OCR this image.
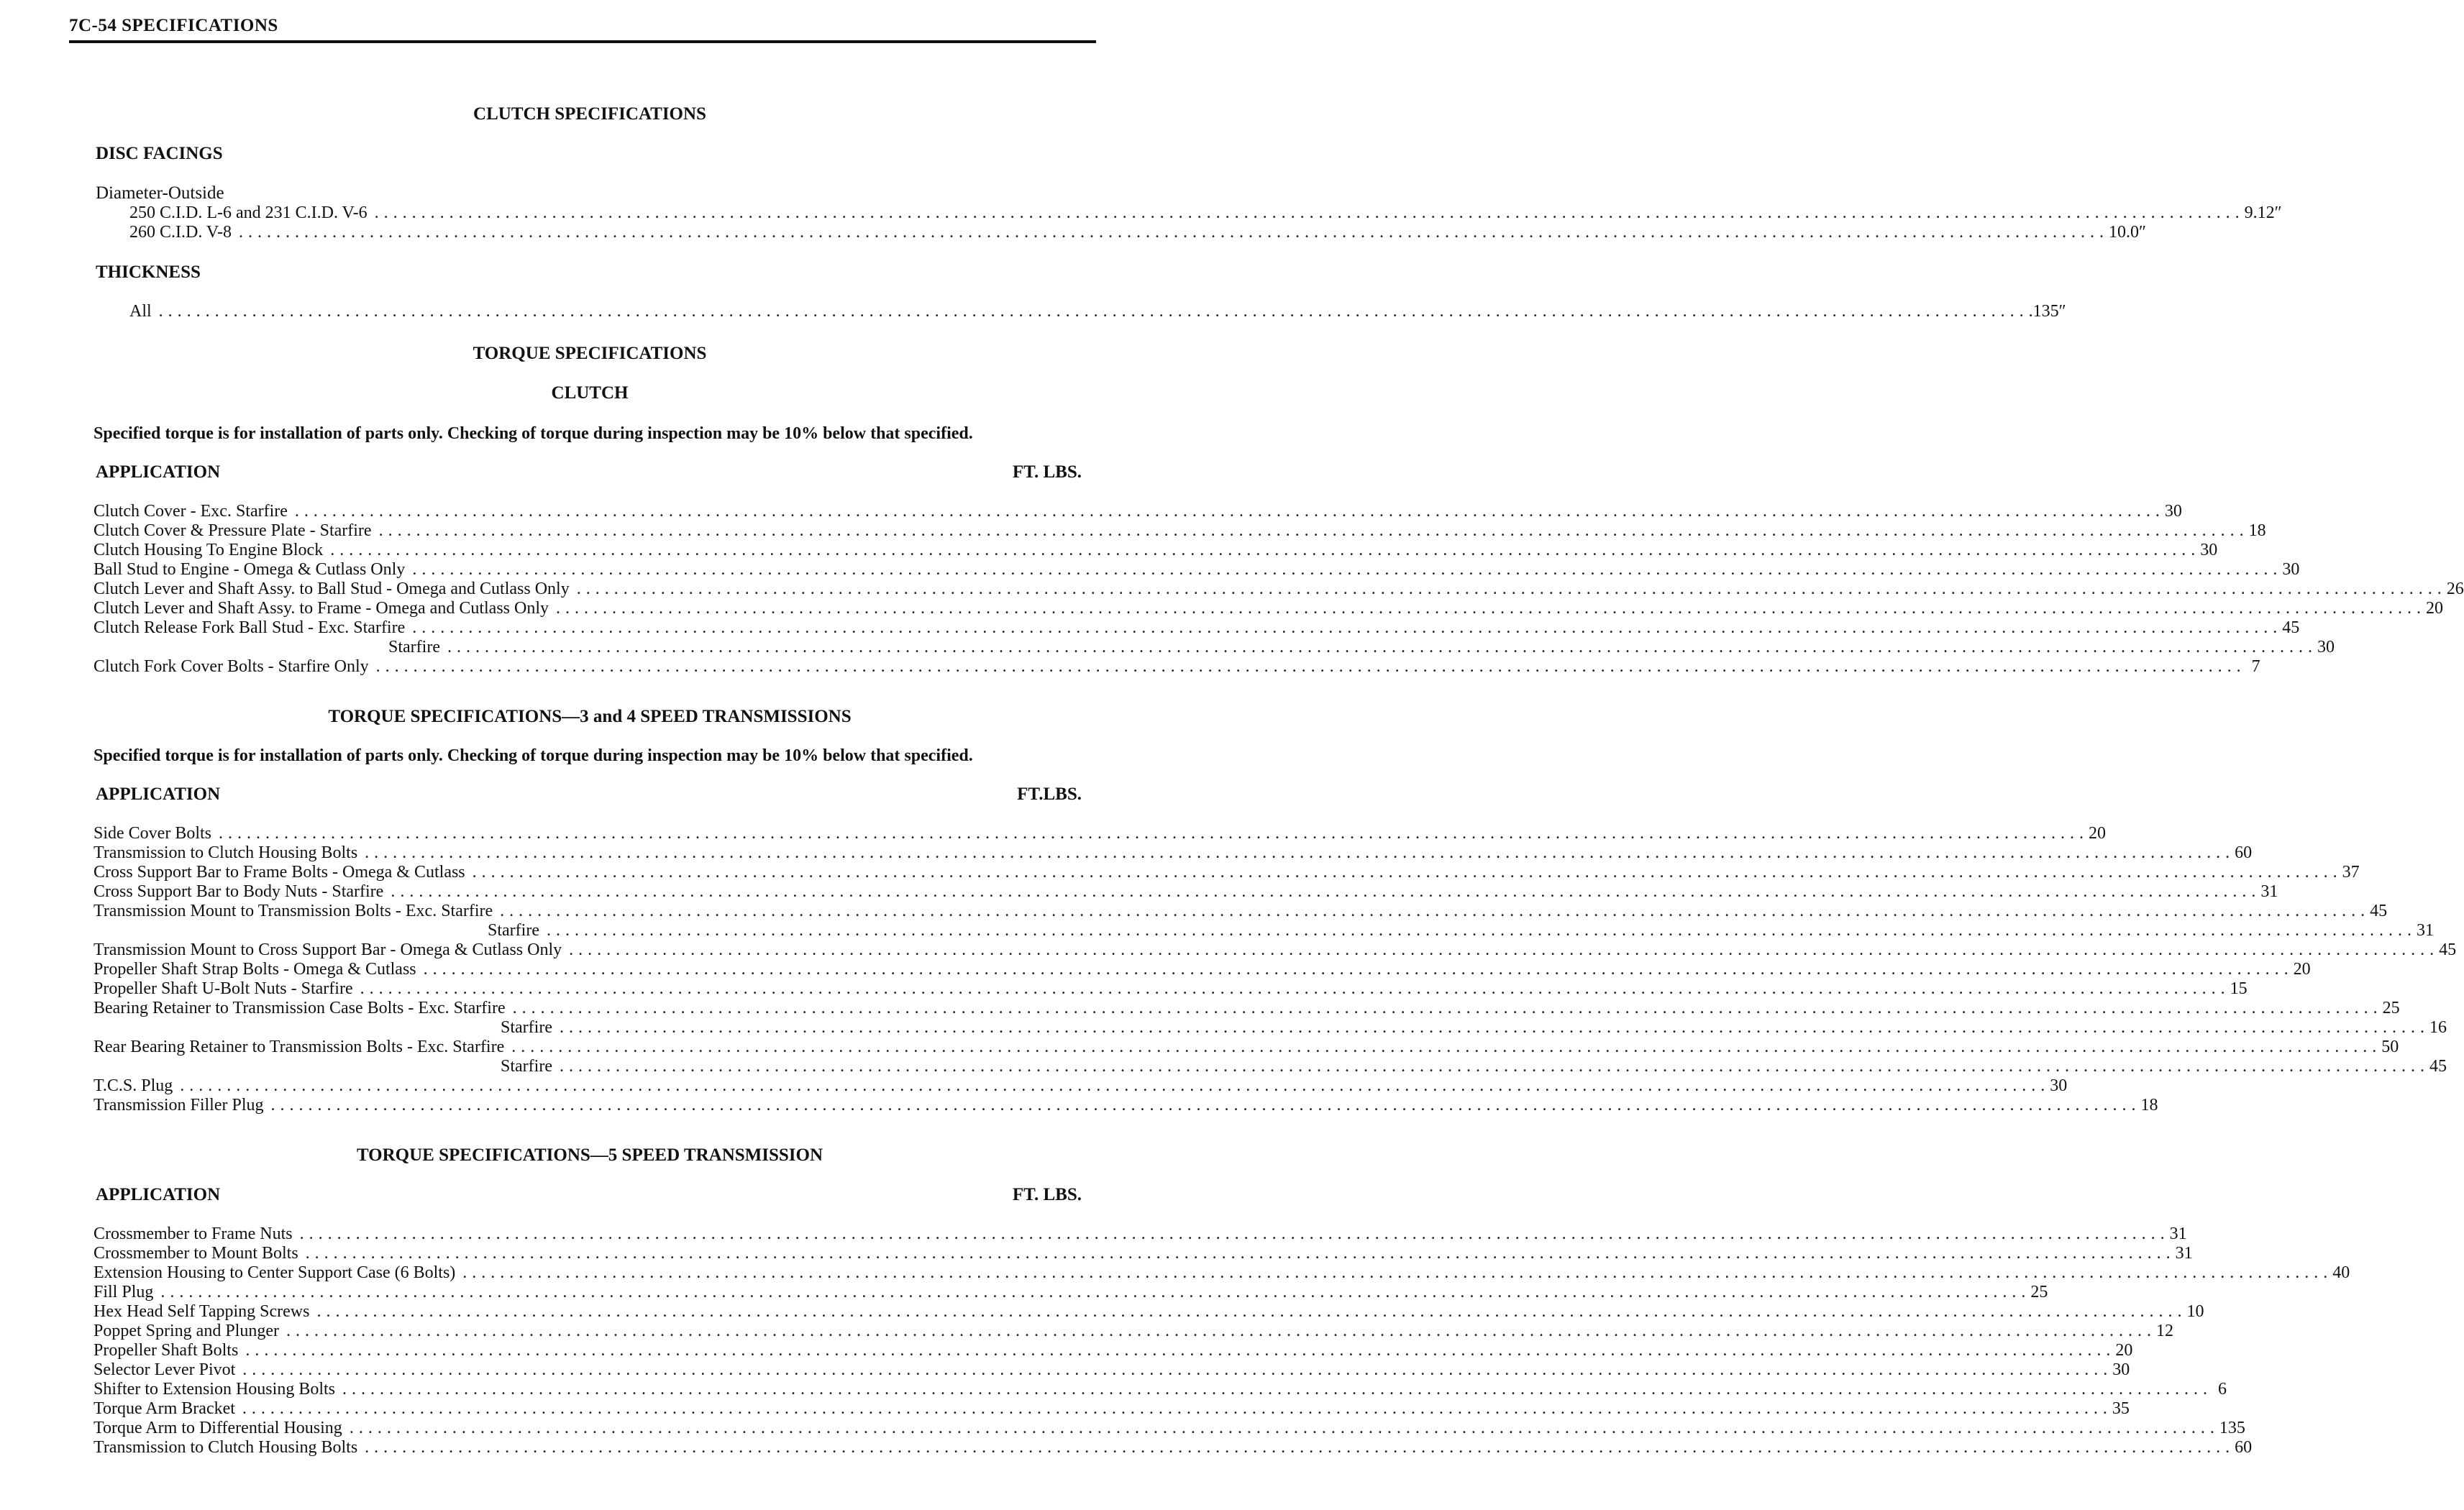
7C-54 SPECIFICATIONS
CLUTCH SPECIFICATIONS
DISC FACINGS
Diameter-Outside
250 C.I.D. L-6 and 231 C.I.D. V-6 ........................................................................................................................................................................................................ 9.12″
260 C.I.D. V-8 ........................................................................................................................................................................................................ 10.0″
THICKNESS
All ........................................................................................................................................................................................................ .135″
TORQUE SPECIFICATIONS
CLUTCH
Specified torque is for installation of parts only. Checking of torque during inspection may be 10% below that specified.
APPLICATION	FT. LBS.
Clutch Cover - Exc. Starfire ........................................................................................................................................................................................................ 30
Clutch Cover & Pressure Plate - Starfire ........................................................................................................................................................................................................ 18
Clutch Housing To Engine Block ........................................................................................................................................................................................................ 30
Ball Stud to Engine - Omega & Cutlass Only ........................................................................................................................................................................................................ 30
Clutch Lever and Shaft Assy. to Ball Stud - Omega and Cutlass Only ........................................................................................................................................................................................................ 26
Clutch Lever and Shaft Assy. to Frame - Omega and Cutlass Only ........................................................................................................................................................................................................ 20
Clutch Release Fork Ball Stud - Exc. Starfire ........................................................................................................................................................................................................ 45
Starfire ........................................................................................................................................................................................................ 30
Clutch Fork Cover Bolts - Starfire Only ........................................................................................................................................................................................................ 7
TORQUE SPECIFICATIONS—3 and 4 SPEED TRANSMISSIONS
Specified torque is for installation of parts only. Checking of torque during inspection may be 10% below that specified.
APPLICATION	FT.LBS.
Side Cover Bolts ........................................................................................................................................................................................................ 20
Transmission to Clutch Housing Bolts ........................................................................................................................................................................................................ 60
Cross Support Bar to Frame Bolts - Omega & Cutlass ........................................................................................................................................................................................................ 37
Cross Support Bar to Body Nuts - Starfire ........................................................................................................................................................................................................ 31
Transmission Mount to Transmission Bolts - Exc. Starfire ........................................................................................................................................................................................................ 45
Starfire ........................................................................................................................................................................................................ 31
Transmission Mount to Cross Support Bar - Omega & Cutlass Only ........................................................................................................................................................................................................ 45
Propeller Shaft Strap Bolts - Omega & Cutlass ........................................................................................................................................................................................................ 20
Propeller Shaft U-Bolt Nuts - Starfire ........................................................................................................................................................................................................ 15
Bearing Retainer to Transmission Case Bolts - Exc. Starfire ........................................................................................................................................................................................................ 25
Starfire ........................................................................................................................................................................................................ 16
Rear Bearing Retainer to Transmission Bolts - Exc. Starfire ........................................................................................................................................................................................................ 50
Starfire ........................................................................................................................................................................................................ 45
T.C.S. Plug ........................................................................................................................................................................................................ 30
Transmission Filler Plug ........................................................................................................................................................................................................ 18
TORQUE SPECIFICATIONS—5 SPEED TRANSMISSION
APPLICATION	FT. LBS.
Crossmember to Frame Nuts ........................................................................................................................................................................................................ 31
Crossmember to Mount Bolts ........................................................................................................................................................................................................ 31
Extension Housing to Center Support Case (6 Bolts) ........................................................................................................................................................................................................ 40
Fill Plug ........................................................................................................................................................................................................ 25
Hex Head Self Tapping Screws ........................................................................................................................................................................................................ 10
Poppet Spring and Plunger ........................................................................................................................................................................................................ 12
Propeller Shaft Bolts ........................................................................................................................................................................................................ 20
Selector Lever Pivot ........................................................................................................................................................................................................ 30
Shifter to Extension Housing Bolts ........................................................................................................................................................................................................ 6
Torque Arm Bracket ........................................................................................................................................................................................................ 35
Torque Arm to Differential Housing ........................................................................................................................................................................................................ 135
Transmission to Clutch Housing Bolts ........................................................................................................................................................................................................ 60
